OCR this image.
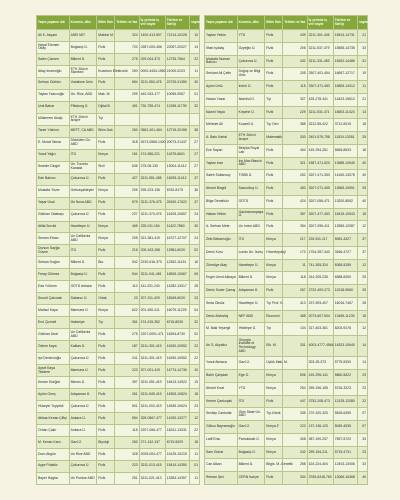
Taşra yapanın Adı	Kurumu, ülke	Bilim Dalı	Telefon ve fax	İş yerinde iş veri kaydı	Telefon ve Sah'ıp	sayısı
Ali K. Akçam	ASEI MIT	Makine M.	324	1400-413-507	71214-10228	10
Hayal Erkmen Okay	Boğaziçi Ü.	Fizik	720	0287-005-456	22057-20027	13
Salim Çizmen	Bilkent Ü.	Fizik	275	029-004-373	12725-7564	22
Altay Imamoğlu	ETH Zürich Stanford	Kuantum Elektronik	250	0000-4434-1550	21000-0203	11
Serhan Gürbüz	Vodafone Üniv.	Fizik	654	3211-553-478	22725-01350	30
Taylan Yazıcıoğlu	Ün. Rice, ABD	Mak. M.	299	440-043-177	10055-0557	01
Ural Bahar	Pittsburg Ü.	Dijital B.	451	730-755-474	12155-11739	32
Mükerrem Akalp	ETH Zürich İsviçre	Tıp				
Taner Yıldırım	MEFT, CA ABD	Bilim Dalı	260	0562-401-464	12715-20155	38
E. Murat Tatma	Dicleiden Ün. ABD	Fizik	318	2673-0565-1400	20073-21437	27
Yusuf Yağcı	İTÜ	Kimya	161	474-556-221	14379-6601	27
İbrahim Dingel	Ün. Toronto Kanada	Sivil	635	275-05-130	13004-11412	27
Ede Bakırcı	Çukurova Ü.	Fizik	427	3211-551-455	16205-11412	37
Mustafa Yüzer	Gebzeçaldeyev	Kimya	205	295-223-136	5762-8175	36
Yaşar Ünal	Ün Nova ABD	Fizik	579	3211-376-475	26150-17622	37
Gökhan Odabaşı	Çukurova Ü.	Fizik	227	3211-373-475	16105-10657	24
Atilla Soruld	Hacettepe Ü.	Kimya	465	225-011-154	11422-7860	30
Semen Erkan	Un California ABD	Kimya	205	321-381-419	16727-12707	24
Dursun Sayğa Güven	İTÜ	Fizik	216	205-343-158	12981-6020	02
Serkan Doğan	Bilkent Ü.	Bio.	542	2230-616-370	12352-11191	16
Feray Gülmez	Boğaziçi Ü.	Fizik	544	3211-041-481	16505-10667	06
Eda Yıldırım	ODTÜ Ankara	Fizik	110	411-201-240	14282-13017	28
Surudi Çakırcalı	Sabancı Ü.	Ortak	23	207-311-429	18169-6020	23
Mahsul Kaya	Marmara Ü.	Kimya	622	201-450-411	16075-11225	04
Erol Çizmeli	Hakimiye	Tıp	361	474-315-352	6715-8035	32
Gökhan Ünal	Un California ABD	Fizik	275	2207-0091-471	16294-8730	02
Özlem Kaya	Kafkas Ü.	Fizik	187	3211-301-419	16150-10552	22
Işıl Demircioğlu	Çukurova Ü.	Fizik	241	3211-301-419	16150-10552	22
Aysel Kaya Tekdere	Marmara Ü.	Fizik	223	207-001-419	14774-14736	10
Kenan Sözğün	Mersin Ü.	Fizik	397	3211-051-419	16413-14922	15
Aydın Genç	Adıyaman Ü.	Fizik	261	3211-549-419	16305-10824	18
Hüseyin Tuyçekli	Çukurova Ü.	Fizik	501	3211-002-419	14535-10624	23
Abbas Kenan Çiftçi	Ankara Ü.	Fizik	554	325-0567-477	14150-13277	12
Orhan Çakır	Ankara Ü.	Fizik	118	2207-066-477	16241-13031	22
M. Kenan Karo	Gazi Ü.	Biyoloji	260	271-142-137	6719-5029	18
Duru Akgün	Un Rice ABD	Fizik	328	2025-004-477	16125-10215	11
Ayşe Polatöz	Çukurova Ü.	Fizik	223	3211-013-415	15414-14350	01
Bayer Hagba	Un Purdue ABD	Fizik	251	3211-021-413	13284-14357	11
Taşra yapanın Adı	Kurumu, ülke	Bilim Dalı	Telefon ve fax	İş yerinde iş veri kaydı	Telefon ve Sah'ıp	sayısı
Taylan Yetkin	YTÜ	Fizik	439	3211-301-445	15514-14731	21
İlhan Işıktaş	Özyeğin Ü.	Fizik	205	3211-537-479	15555-14735	33
Mustafa Numan Bakırcı	Çukurova Ü.	Fizik	432	3211-331-453	15452-14486	31
Serkant Ali Çetin	Doğuş ve Bilgi Üniv.	Fizik	205	2507-401-454	16657-12717	19
Aydın Ünlü	İnönü Ü.	Fizik	115	3307-471-483	16805-14012	11
Hasan Yazar	İstanbul Ü.	Tıp	327	425-278-441	14423-15612	21
Nazmi Yayla	Kırşehir Ü.	Fizik	229	3211-531-471	16503-11423	13
Mehmet Ali	Kocaeli Ü.	Tıp Gen	385	3212-55-422	3712-6015	18
A. Batu Kartal	ETH Zürich İsviçre	Matematik	330	2401-575-758	11524-13351	25
Ece Sayan	Belçika Royal Lab	Fizik	454	415-294-251	5665-8633	18
Taylan Ince	Ins Max Bianch ABD	Fizik	321	1587-471-520	13588-12645	40
Saleh Sultansoy	TOBB Ü.	Fizik	252	3207-471-353	14160-13078	40
Ahmet Bingül	Sazcoiboy Ü.	Fizik	450	3207-071-455	13565-10591	25
Bilge Demirköz	ODTÜ	Fizik	424	3207-056-471	13320-8552	40
Hakan Yetkin	Gaziosmanpaşa Ü.	Fizik	357	3207-477-453	15415-10543	18
A. Serhan Mete	Un Irvine ABD	Fizik	354	3207-095-411	13555-12087	12
Zeki Bekarnoğlu	İTÜ	Kimya	217	225-511-117	5081-4327	37
Deniz Koru	Lunds Ün. İsveç	Hücrebiyoloji	173	1754-357-340	3266-4727	37
Zümrüye Atay	Hacettepe Ü.	Kimya	11	741-305-324	6365-5255	12
Engin Umut Akkaya	Bilkent Ü.	Kimya	118	314-205-235	8388-6050	25
Deniz Suner Çavuş	Adıyaman Ü.	Fizik	267	2732-409-273	10218-9560	25
Seda Öksüz	Hacettepe Ü.	Tıp Prof. K.	413	237-593-407	16016-7467	28
Deniz Alshahiş	NEF ABD	Ekonomi	488	2073-607-504	13455-11239	18
M. Baki Yeşergil	Yeditepe Ü.	Tıp	134	317-403-361	8203-9176	12
Ari S. Akyıldız	Georgia Institute of Technology ABD	Elk. M.	331	4003-4777-4564	16323-10640	14
Yusuf Atmaca	Gazi Ü.	Üçlük Mak. M.		303-25-373	5775-5330	14
Bahir Çalışkan	Ege Ü.	Kimya	506	415-295-141	5860-5622	23
Ahmet Kırat	YTÜ	Kimya	254	255-196-155	5726-3223	23
Kerem Çankoçak	İTÜ	Fizik	447	3752-208-473	12125-12080	22
Sevilay Canbulat	Ohio State Ün. ABD	Tıp-Kimik	335	270-320-320	5526-6355	07
Göksu Bayramoğlu	Gazi Ü.	Kimya-F	223	137-136-120	5049-4535	07
Latif Ersu	Pamukkale Ü.	Kimya	308	387-190-257	7557-5720	33
Sam Günar	Boğaziçi Ü.	Kimya	242	259-154-211	5719-4731	23
Can Alkan	Bilkent Ü.	Bilgis. M.-Genetik	258	424-224-404	12403-13006	33
Reman Şen	CERN İsviçre	Fizik	334	3765-5418-760	13066-16368	40
